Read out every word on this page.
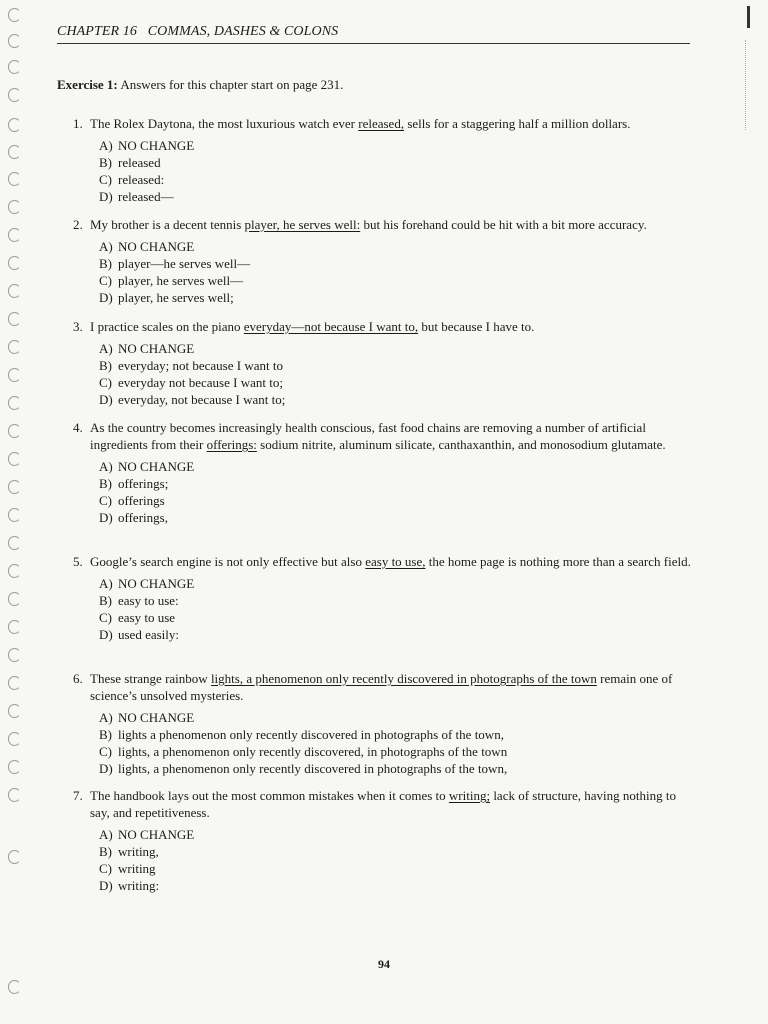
CHAPTER 16   COMMAS, DASHES & COLONS
Exercise 1: Answers for this chapter start on page 231.
1. The Rolex Daytona, the most luxurious watch ever released, sells for a staggering half a million dollars.
A) NO CHANGE
B) released
C) released:
D) released—
2. My brother is a decent tennis player, he serves well: but his forehand could be hit with a bit more accuracy.
A) NO CHANGE
B) player—he serves well—
C) player, he serves well—
D) player, he serves well;
3. I practice scales on the piano everyday—not because I want to, but because I have to.
A) NO CHANGE
B) everyday; not because I want to
C) everyday not because I want to;
D) everyday, not because I want to;
4. As the country becomes increasingly health conscious, fast food chains are removing a number of artificial ingredients from their offerings: sodium nitrite, aluminum silicate, canthaxanthin, and monosodium glutamate.
A) NO CHANGE
B) offerings;
C) offerings
D) offerings,
5. Google’s search engine is not only effective but also easy to use, the home page is nothing more than a search field.
A) NO CHANGE
B) easy to use:
C) easy to use
D) used easily:
6. These strange rainbow lights, a phenomenon only recently discovered in photographs of the town remain one of science’s unsolved mysteries.
A) NO CHANGE
B) lights a phenomenon only recently discovered in photographs of the town,
C) lights, a phenomenon only recently discovered, in photographs of the town
D) lights, a phenomenon only recently discovered in photographs of the town,
7. The handbook lays out the most common mistakes when it comes to writing; lack of structure, having nothing to say, and repetitiveness.
A) NO CHANGE
B) writing,
C) writing
D) writing:
94
